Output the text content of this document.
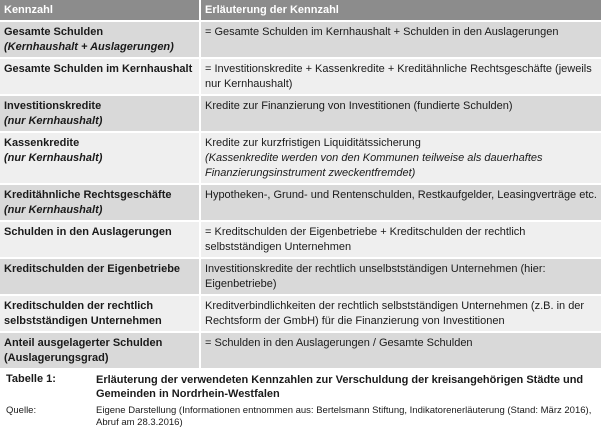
Kennzahl	Erläuterung der Kennzahl
Gesamte Schulden
(Kernhaushalt + Auslagerungen)	= Gesamte Schulden im Kernhaushalt + Schulden in den Auslagerungen
Gesamte Schulden im Kernhaushalt	= Investitionskredite + Kassenkredite + Kreditähnliche Rechtsgeschäfte (jeweils nur Kernhaushalt)
Investitionskredite
(nur Kernhaushalt)	Kredite zur Finanzierung von Investitionen (fundierte Schulden)
Kassenkredite
(nur Kernhaushalt)	Kredite zur kurzfristigen Liquiditätssicherung
(Kassenkredite werden von den Kommunen teilweise als dauerhaftes Finanzierungsinstrument zweckentfremdet)

Kreditähnliche Rechtsgeschäfte
(nur Kernhaushalt)	Hypotheken-, Grund- und Rentenschulden, Restkaufgelder, Leasingverträge etc.
Schulden in den Auslagerungen	= Kreditschulden der Eigenbetriebe + Kreditschulden der rechtlich selbstständigen Unternehmen
Kreditschulden der Eigenbetriebe	Investitionskredite der rechtlich unselbstständigen Unternehmen (hier: Eigenbetriebe)
Kreditschulden der rechtlich selbstständigen Unternehmen	Kreditverbindlichkeiten der rechtlich selbstständigen Unternehmen (z.B. in der Rechtsform der GmbH) für die Finanzierung von Investitionen
Anteil ausgelagerter Schulden (Auslagerungsgrad)	= Schulden in den Auslagerungen / Gesamte Schulden
Tabelle 1:	Erläuterung der verwendeten Kennzahlen zur Verschuldung der kreisangehörigen Städte und Gemeinden in Nordrhein-Westfalen
Quelle:	Eigene Darstellung (Informationen entnommen aus: Bertelsmann Stiftung, Indikatorenerläuterung (Stand: März 2016), Abruf am 28.3.2016)
